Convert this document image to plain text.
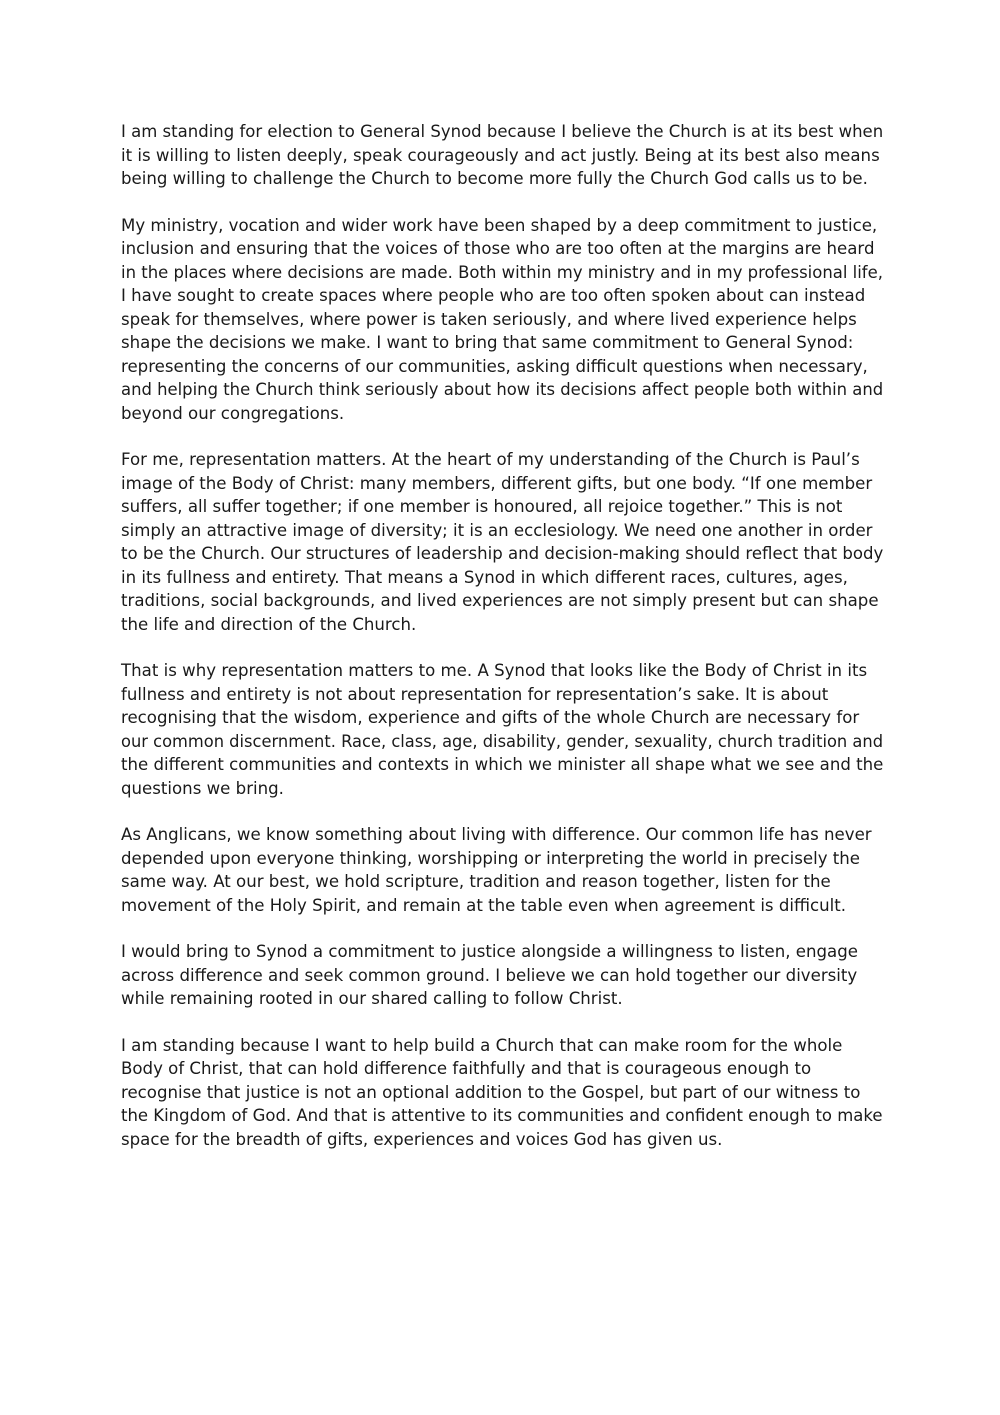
I am standing for election to General Synod because I believe the Church is at its best when
it is willing to listen deeply, speak courageously and act justly. Being at its best also means
being willing to challenge the Church to become more fully the Church God calls us to be.

My ministry, vocation and wider work have been shaped by a deep commitment to justice,
inclusion and ensuring that the voices of those who are too often at the margins are heard
in the places where decisions are made. Both within my ministry and in my professional life,
I have sought to create spaces where people who are too often spoken about can instead
speak for themselves, where power is taken seriously, and where lived experience helps
shape the decisions we make. I want to bring that same commitment to General Synod:
representing the concerns of our communities, asking difficult questions when necessary,
and helping the Church think seriously about how its decisions affect people both within and
beyond our congregations.

For me, representation matters. At the heart of my understanding of the Church is Paul’s
image of the Body of Christ: many members, different gifts, but one body. “If one member
suffers, all suffer together; if one member is honoured, all rejoice together.” This is not
simply an attractive image of diversity; it is an ecclesiology. We need one another in order
to be the Church. Our structures of leadership and decision-making should reflect that body
in its fullness and entirety. That means a Synod in which different races, cultures, ages,
traditions, social backgrounds, and lived experiences are not simply present but can shape
the life and direction of the Church.

That is why representation matters to me. A Synod that looks like the Body of Christ in its
fullness and entirety is not about representation for representation’s sake. It is about
recognising that the wisdom, experience and gifts of the whole Church are necessary for
our common discernment. Race, class, age, disability, gender, sexuality, church tradition and
the different communities and contexts in which we minister all shape what we see and the
questions we bring.

As Anglicans, we know something about living with difference. Our common life has never
depended upon everyone thinking, worshipping or interpreting the world in precisely the
same way. At our best, we hold scripture, tradition and reason together, listen for the
movement of the Holy Spirit, and remain at the table even when agreement is difficult.

I would bring to Synod a commitment to justice alongside a willingness to listen, engage
across difference and seek common ground. I believe we can hold together our diversity
while remaining rooted in our shared calling to follow Christ.

I am standing because I want to help build a Church that can make room for the whole
Body of Christ, that can hold difference faithfully and that is courageous enough to
recognise that justice is not an optional addition to the Gospel, but part of our witness to
the Kingdom of God. And that is attentive to its communities and confident enough to make
space for the breadth of gifts, experiences and voices God has given us.
